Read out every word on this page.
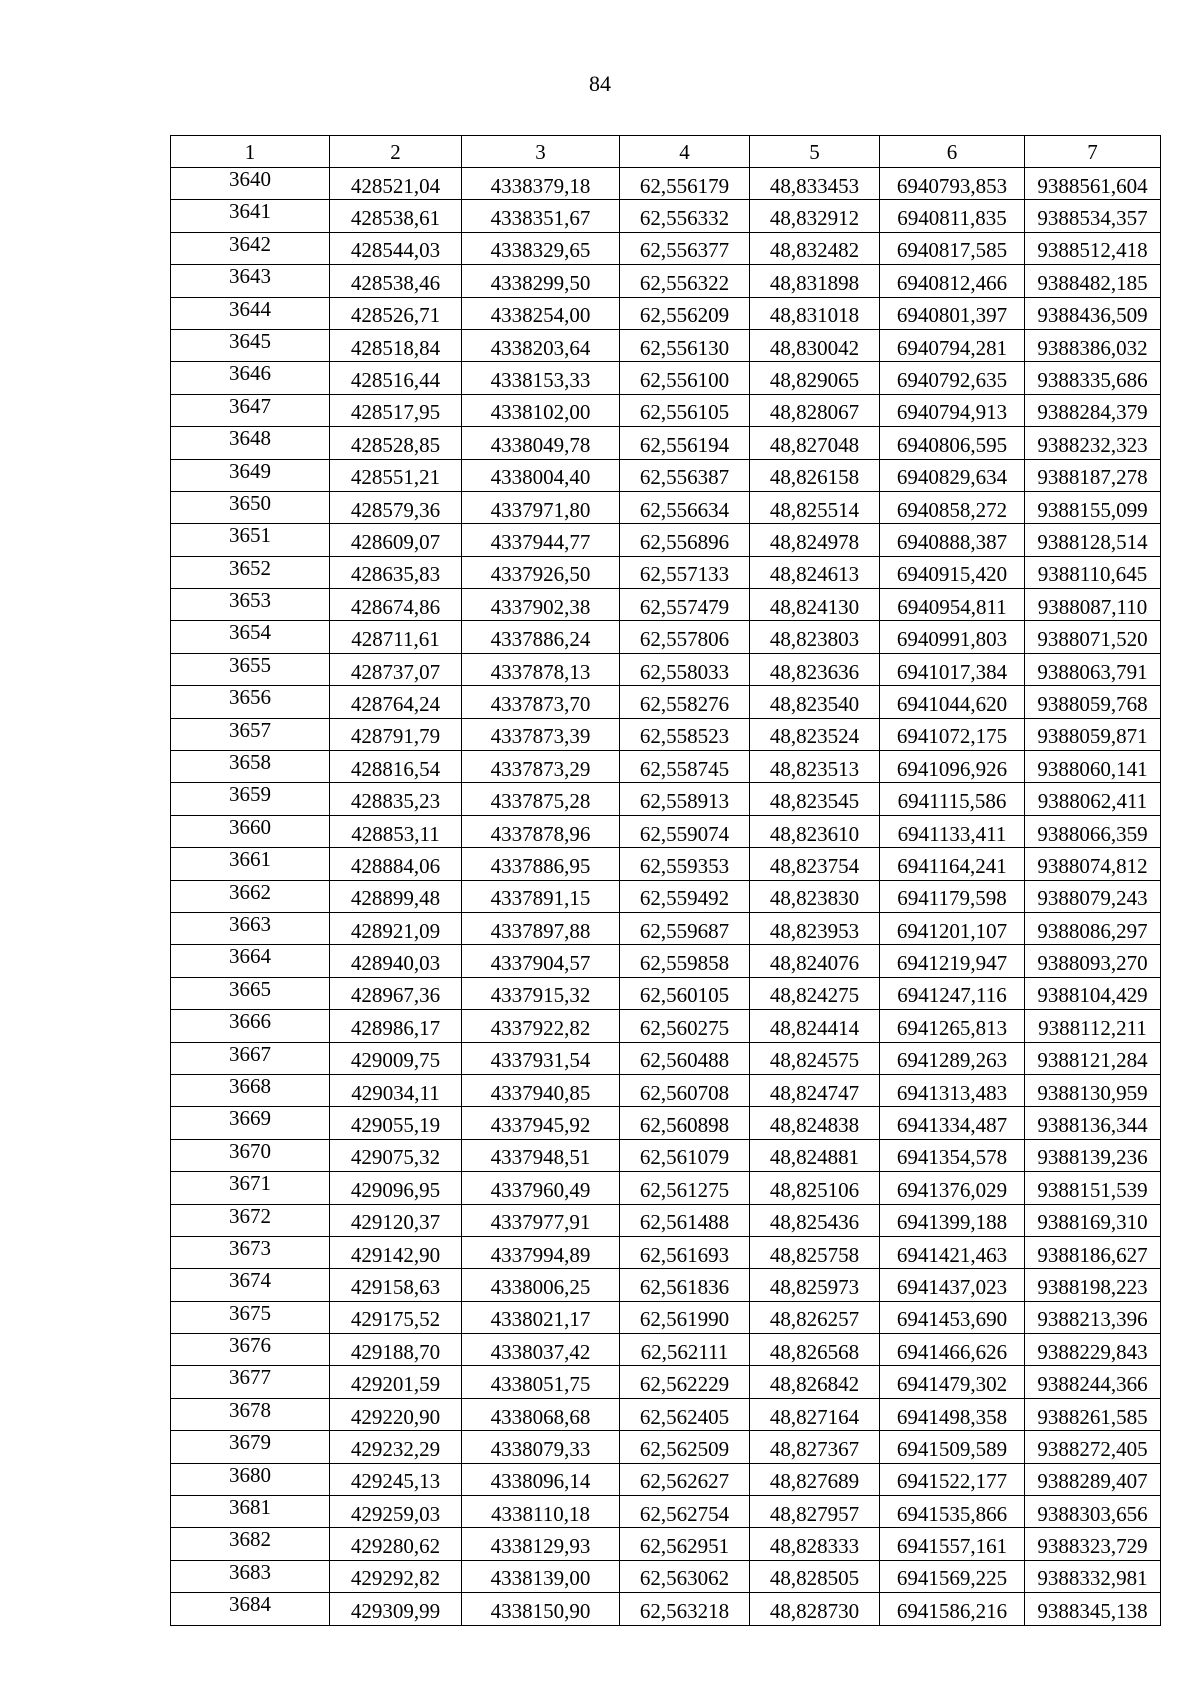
84
1	2	3	4	5	6	7

3640	428521,04	4338379,18	62,556179	48,833453	6940793,853	9388561,604

3641	428538,61	4338351,67	62,556332	48,832912	6940811,835	9388534,357

3642	428544,03	4338329,65	62,556377	48,832482	6940817,585	9388512,418

3643	428538,46	4338299,50	62,556322	48,831898	6940812,466	9388482,185

3644	428526,71	4338254,00	62,556209	48,831018	6940801,397	9388436,509

3645	428518,84	4338203,64	62,556130	48,830042	6940794,281	9388386,032

3646	428516,44	4338153,33	62,556100	48,829065	6940792,635	9388335,686

3647	428517,95	4338102,00	62,556105	48,828067	6940794,913	9388284,379

3648	428528,85	4338049,78	62,556194	48,827048	6940806,595	9388232,323

3649	428551,21	4338004,40	62,556387	48,826158	6940829,634	9388187,278

3650	428579,36	4337971,80	62,556634	48,825514	6940858,272	9388155,099

3651	428609,07	4337944,77	62,556896	48,824978	6940888,387	9388128,514

3652	428635,83	4337926,50	62,557133	48,824613	6940915,420	9388110,645

3653	428674,86	4337902,38	62,557479	48,824130	6940954,811	9388087,110

3654	428711,61	4337886,24	62,557806	48,823803	6940991,803	9388071,520

3655	428737,07	4337878,13	62,558033	48,823636	6941017,384	9388063,791

3656	428764,24	4337873,70	62,558276	48,823540	6941044,620	9388059,768

3657	428791,79	4337873,39	62,558523	48,823524	6941072,175	9388059,871

3658	428816,54	4337873,29	62,558745	48,823513	6941096,926	9388060,141

3659	428835,23	4337875,28	62,558913	48,823545	6941115,586	9388062,411

3660	428853,11	4337878,96	62,559074	48,823610	6941133,411	9388066,359

3661	428884,06	4337886,95	62,559353	48,823754	6941164,241	9388074,812

3662	428899,48	4337891,15	62,559492	48,823830	6941179,598	9388079,243

3663	428921,09	4337897,88	62,559687	48,823953	6941201,107	9388086,297

3664	428940,03	4337904,57	62,559858	48,824076	6941219,947	9388093,270

3665	428967,36	4337915,32	62,560105	48,824275	6941247,116	9388104,429

3666	428986,17	4337922,82	62,560275	48,824414	6941265,813	9388112,211

3667	429009,75	4337931,54	62,560488	48,824575	6941289,263	9388121,284

3668	429034,11	4337940,85	62,560708	48,824747	6941313,483	9388130,959

3669	429055,19	4337945,92	62,560898	48,824838	6941334,487	9388136,344

3670	429075,32	4337948,51	62,561079	48,824881	6941354,578	9388139,236

3671	429096,95	4337960,49	62,561275	48,825106	6941376,029	9388151,539

3672	429120,37	4337977,91	62,561488	48,825436	6941399,188	9388169,310

3673	429142,90	4337994,89	62,561693	48,825758	6941421,463	9388186,627

3674	429158,63	4338006,25	62,561836	48,825973	6941437,023	9388198,223

3675	429175,52	4338021,17	62,561990	48,826257	6941453,690	9388213,396

3676	429188,70	4338037,42	62,562111	48,826568	6941466,626	9388229,843

3677	429201,59	4338051,75	62,562229	48,826842	6941479,302	9388244,366

3678	429220,90	4338068,68	62,562405	48,827164	6941498,358	9388261,585

3679	429232,29	4338079,33	62,562509	48,827367	6941509,589	9388272,405

3680	429245,13	4338096,14	62,562627	48,827689	6941522,177	9388289,407

3681	429259,03	4338110,18	62,562754	48,827957	6941535,866	9388303,656

3682	429280,62	4338129,93	62,562951	48,828333	6941557,161	9388323,729

3683	429292,82	4338139,00	62,563062	48,828505	6941569,225	9388332,981

3684	429309,99	4338150,90	62,563218	48,828730	6941586,216	9388345,138
